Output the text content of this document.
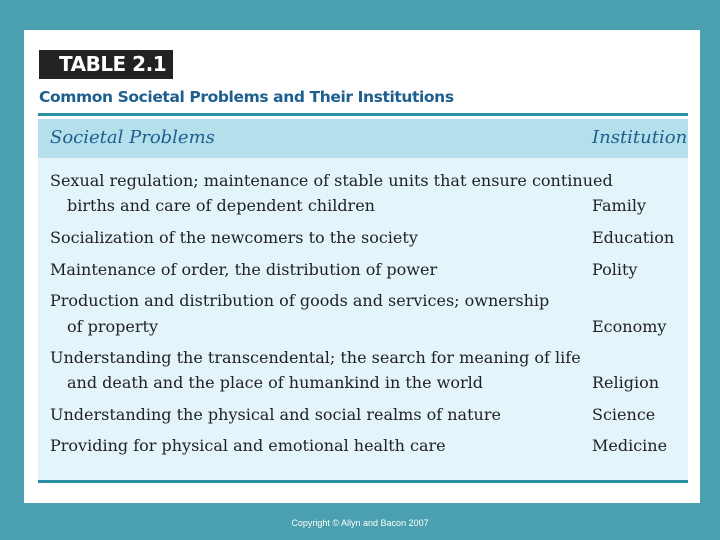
TABLE 2.1
Common Societal Problems and Their Institutions
Societal Problems	Institution
Sexual regulation; maintenance of stable units that ensure continued
births and care of dependent children	Family
Socialization of the newcomers to the society	Education
Maintenance of order, the distribution of power	Polity
Production and distribution of goods and services; ownership
of property	Economy
Understanding the transcendental; the search for meaning of life
and death and the place of humankind in the world	Religion
Understanding the physical and social realms of nature	Science
Providing for physical and emotional health care	Medicine
Copyright © Allyn and Bacon 2007
